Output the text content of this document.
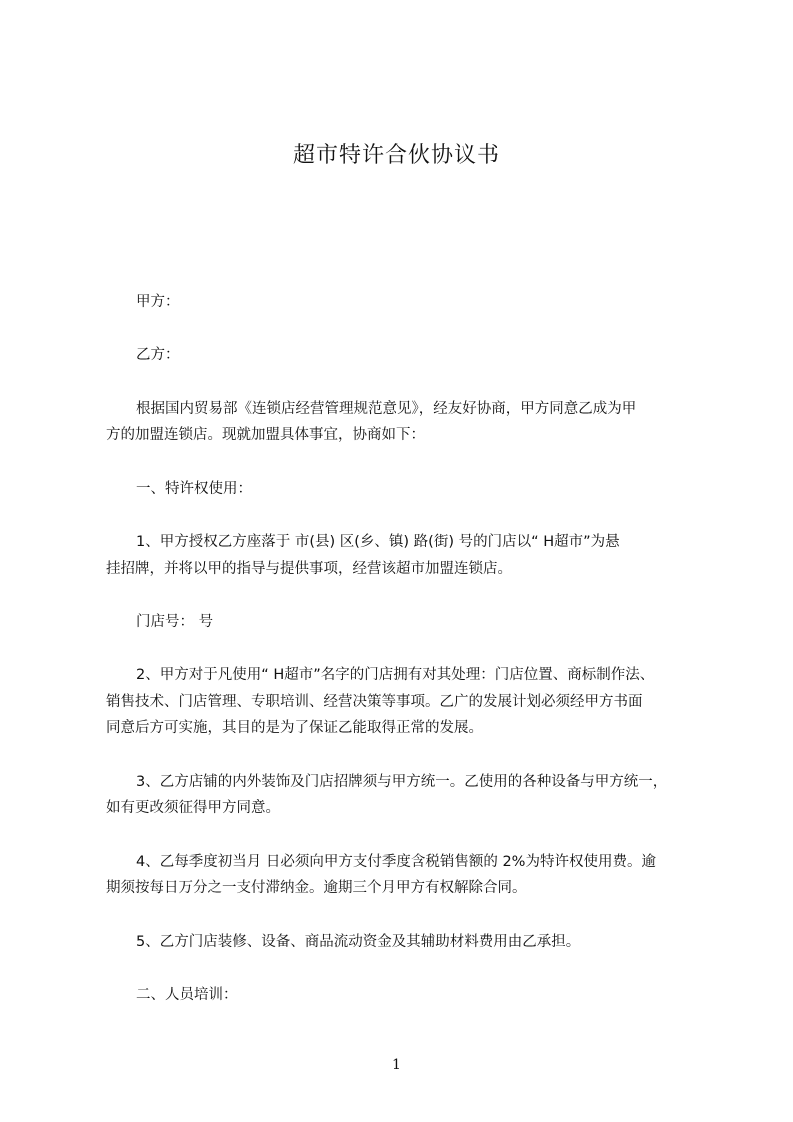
超市特许合伙协议书

甲方：

乙方：

根据国内贸易部《连锁店经营管理规范意见》，经友好协商，甲方同意乙成为甲

方的加盟连锁店。现就加盟具体事宜，协商如下：

一、特许权使用：

1、甲方授权乙方座落于 市(县) 区(乡、镇) 路(街) 号的门店以“ H超市”为悬

挂招牌，并将以甲的指导与提供事项，经营该超市加盟连锁店。

门店号： 号

2、甲方对于凡使用“ H超市”名字的门店拥有对其处理：门店位置、商标制作法、

销售技术、门店管理、专职培训、经营决策等事项。乙广的发展计划必须经甲方书面

同意后方可实施，其目的是为了保证乙能取得正常的发展。

3、乙方店铺的内外装饰及门店招牌须与甲方统一。乙使用的各种设备与甲方统一，

如有更改须征得甲方同意。

4、乙每季度初当月 日必须向甲方支付季度含税销售额的 2%为特许权使用费。逾

期须按每日万分之一支付滞纳金。逾期三个月甲方有权解除合同。

5、乙方门店装修、设备、商品流动资金及其辅助材料费用由乙承担。

二、人员培训：

1
